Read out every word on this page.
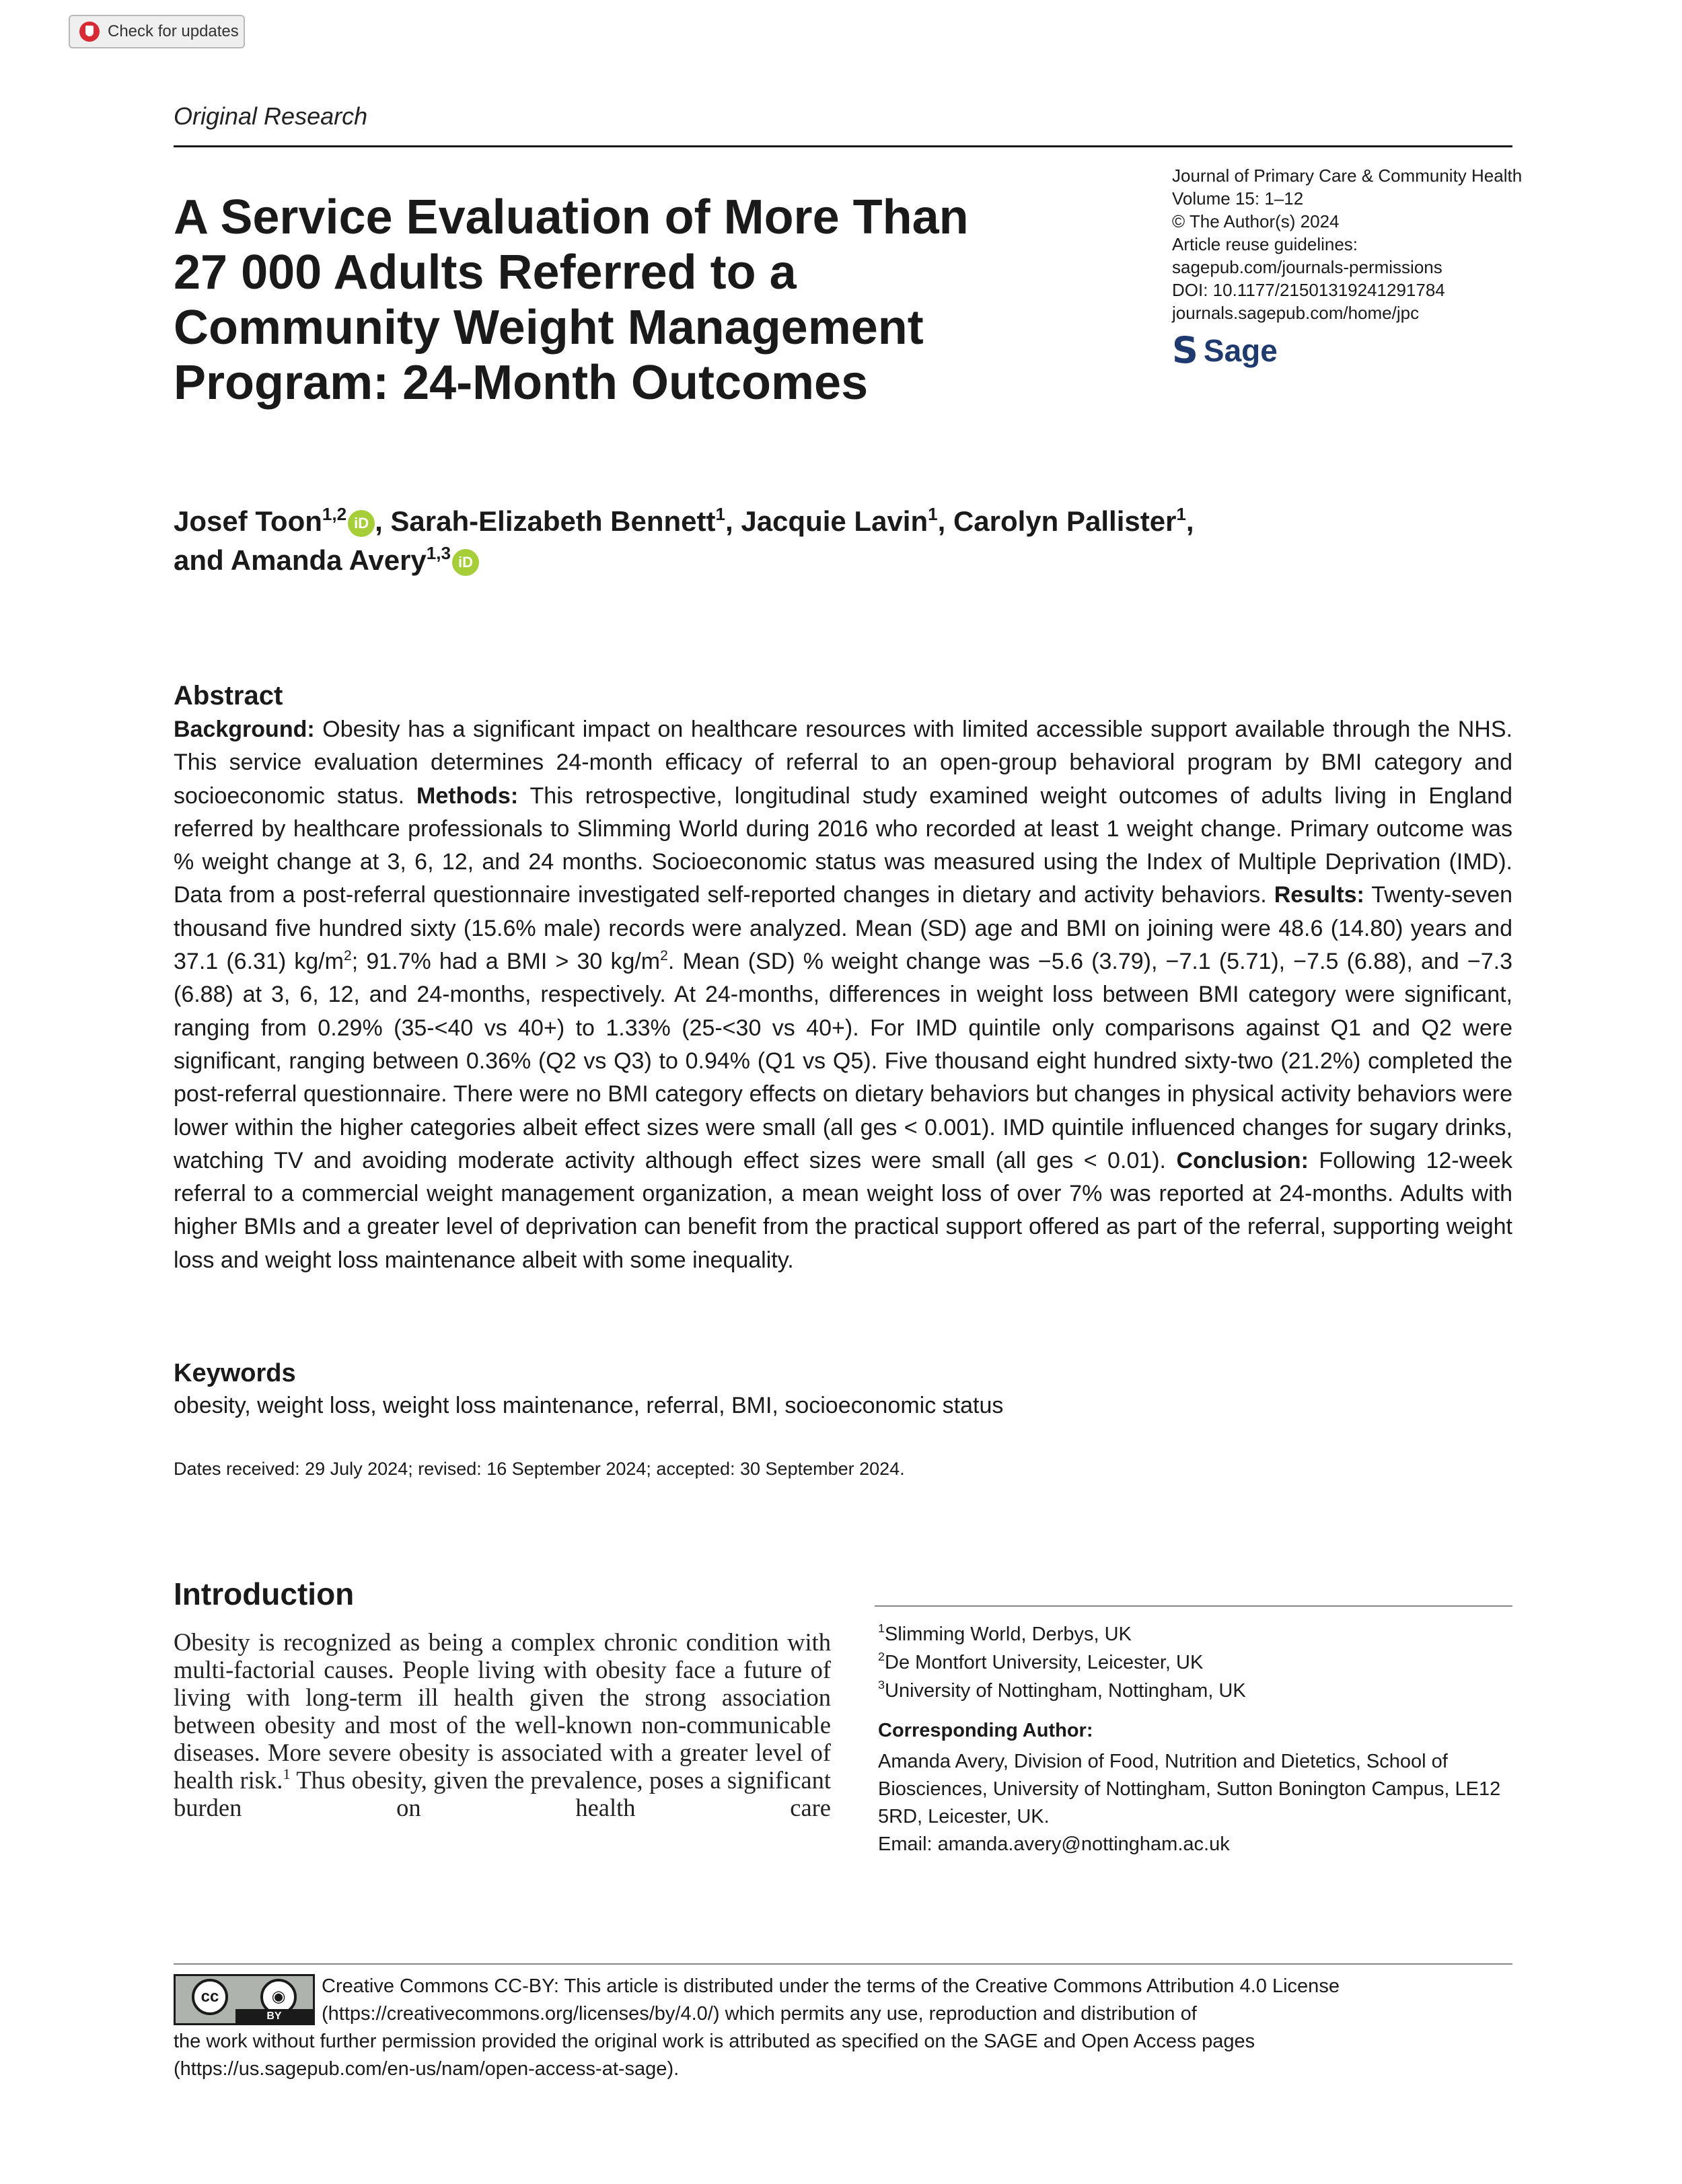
Check for updates
Original Research
A Service Evaluation of More Than
27 000 Adults Referred to a
Community Weight Management
Program: 24-Month Outcomes
Journal of Primary Care & Community Health
Volume 15: 1–12
© The Author(s) 2024
Article reuse guidelines:
sagepub.com/journals-permissions
DOI: 10.1177/21501319241291784
journals.sagepub.com/home/jpc
S Sage
Josef Toon$^{1,2}$ iD , Sarah-Elizabeth Bennett$^1$, Jacquie Lavin$^1$, Carolyn Pallister$^1$,
and Amanda Avery$^{1,3}$ iD
Abstract
Background: Obesity has a significant impact on healthcare resources with limited accessible support available through the NHS. This service evaluation determines 24-month efficacy of referral to an open-group behavioral program by BMI category and socioeconomic status. Methods: This retrospective, longitudinal study examined weight outcomes of adults living in England referred by healthcare professionals to Slimming World during 2016 who recorded at least 1 weight change. Primary outcome was % weight change at 3, 6, 12, and 24 months. Socioeconomic status was measured using the Index of Multiple Deprivation (IMD). Data from a post-referral questionnaire investigated self-reported changes in dietary and activity behaviors. Results: Twenty-seven thousand five hundred sixty (15.6% male) records were analyzed. Mean (SD) age and BMI on joining were 48.6 (14.80) years and 37.1 (6.31) $kg/m^2$; 91.7% had a BMI > 30 $kg/m^2$. Mean (SD) % weight change was −5.6 (3.79), −7.1 (5.71), −7.5 (6.88), and −7.3 (6.88) at 3, 6, 12, and 24-months, respectively. At 24-months, differences in weight loss between BMI category were significant, ranging from 0.29% (35-<40 vs 40+) to 1.33% (25-<30 vs 40+). For IMD quintile only comparisons against Q1 and Q2 were significant, ranging between 0.36% (Q2 vs Q3) to 0.94% (Q1 vs Q5). Five thousand eight hundred sixty-two (21.2%) completed the post-referral questionnaire. There were no BMI category effects on dietary behaviors but changes in physical activity behaviors were lower within the higher categories albeit effect sizes were small (all ges < 0.001). IMD quintile influenced changes for sugary drinks, watching TV and avoiding moderate activity although effect sizes were small (all ges < 0.01). Conclusion: Following 12-week referral to a commercial weight management organization, a mean weight loss of over 7% was reported at 24-months. Adults with higher BMIs and a greater level of deprivation can benefit from the practical support offered as part of the referral, supporting weight loss and weight loss maintenance albeit with some inequality.
Keywords
obesity, weight loss, weight loss maintenance, referral, BMI, socioeconomic status
Dates received: 29 July 2024; revised: 16 September 2024; accepted: 30 September 2024.
Introduction
Obesity is recognized as being a complex chronic condition with multi-factorial causes. People living with obesity face a future of living with long-term ill health given the strong association between obesity and most of the well-known non-communicable diseases. More severe obesity is associated with a greater level of health risk.$^1$ Thus obesity, given the prevalence, poses a significant burden on health care
$^1$Slimming World, Derbys, UK
$^2$De Montfort University, Leicester, UK
$^3$University of Nottingham, Nottingham, UK
Corresponding Author:
Amanda Avery, Division of Food, Nutrition and Dietetics, School of Biosciences, University of Nottingham, Sutton Bonington Campus, LE12 5RD, Leicester, UK.
Email: amanda.avery@nottingham.ac.uk
Creative Commons CC-BY: This article is distributed under the terms of the Creative Commons Attribution 4.0 License
(https://creativecommons.org/licenses/by/4.0/) which permits any use, reproduction and distribution of
the work without further permission provided the original work is attributed as specified on the SAGE and Open Access pages
(https://us.sagepub.com/en-us/nam/open-access-at-sage).
cc	◉
BY
